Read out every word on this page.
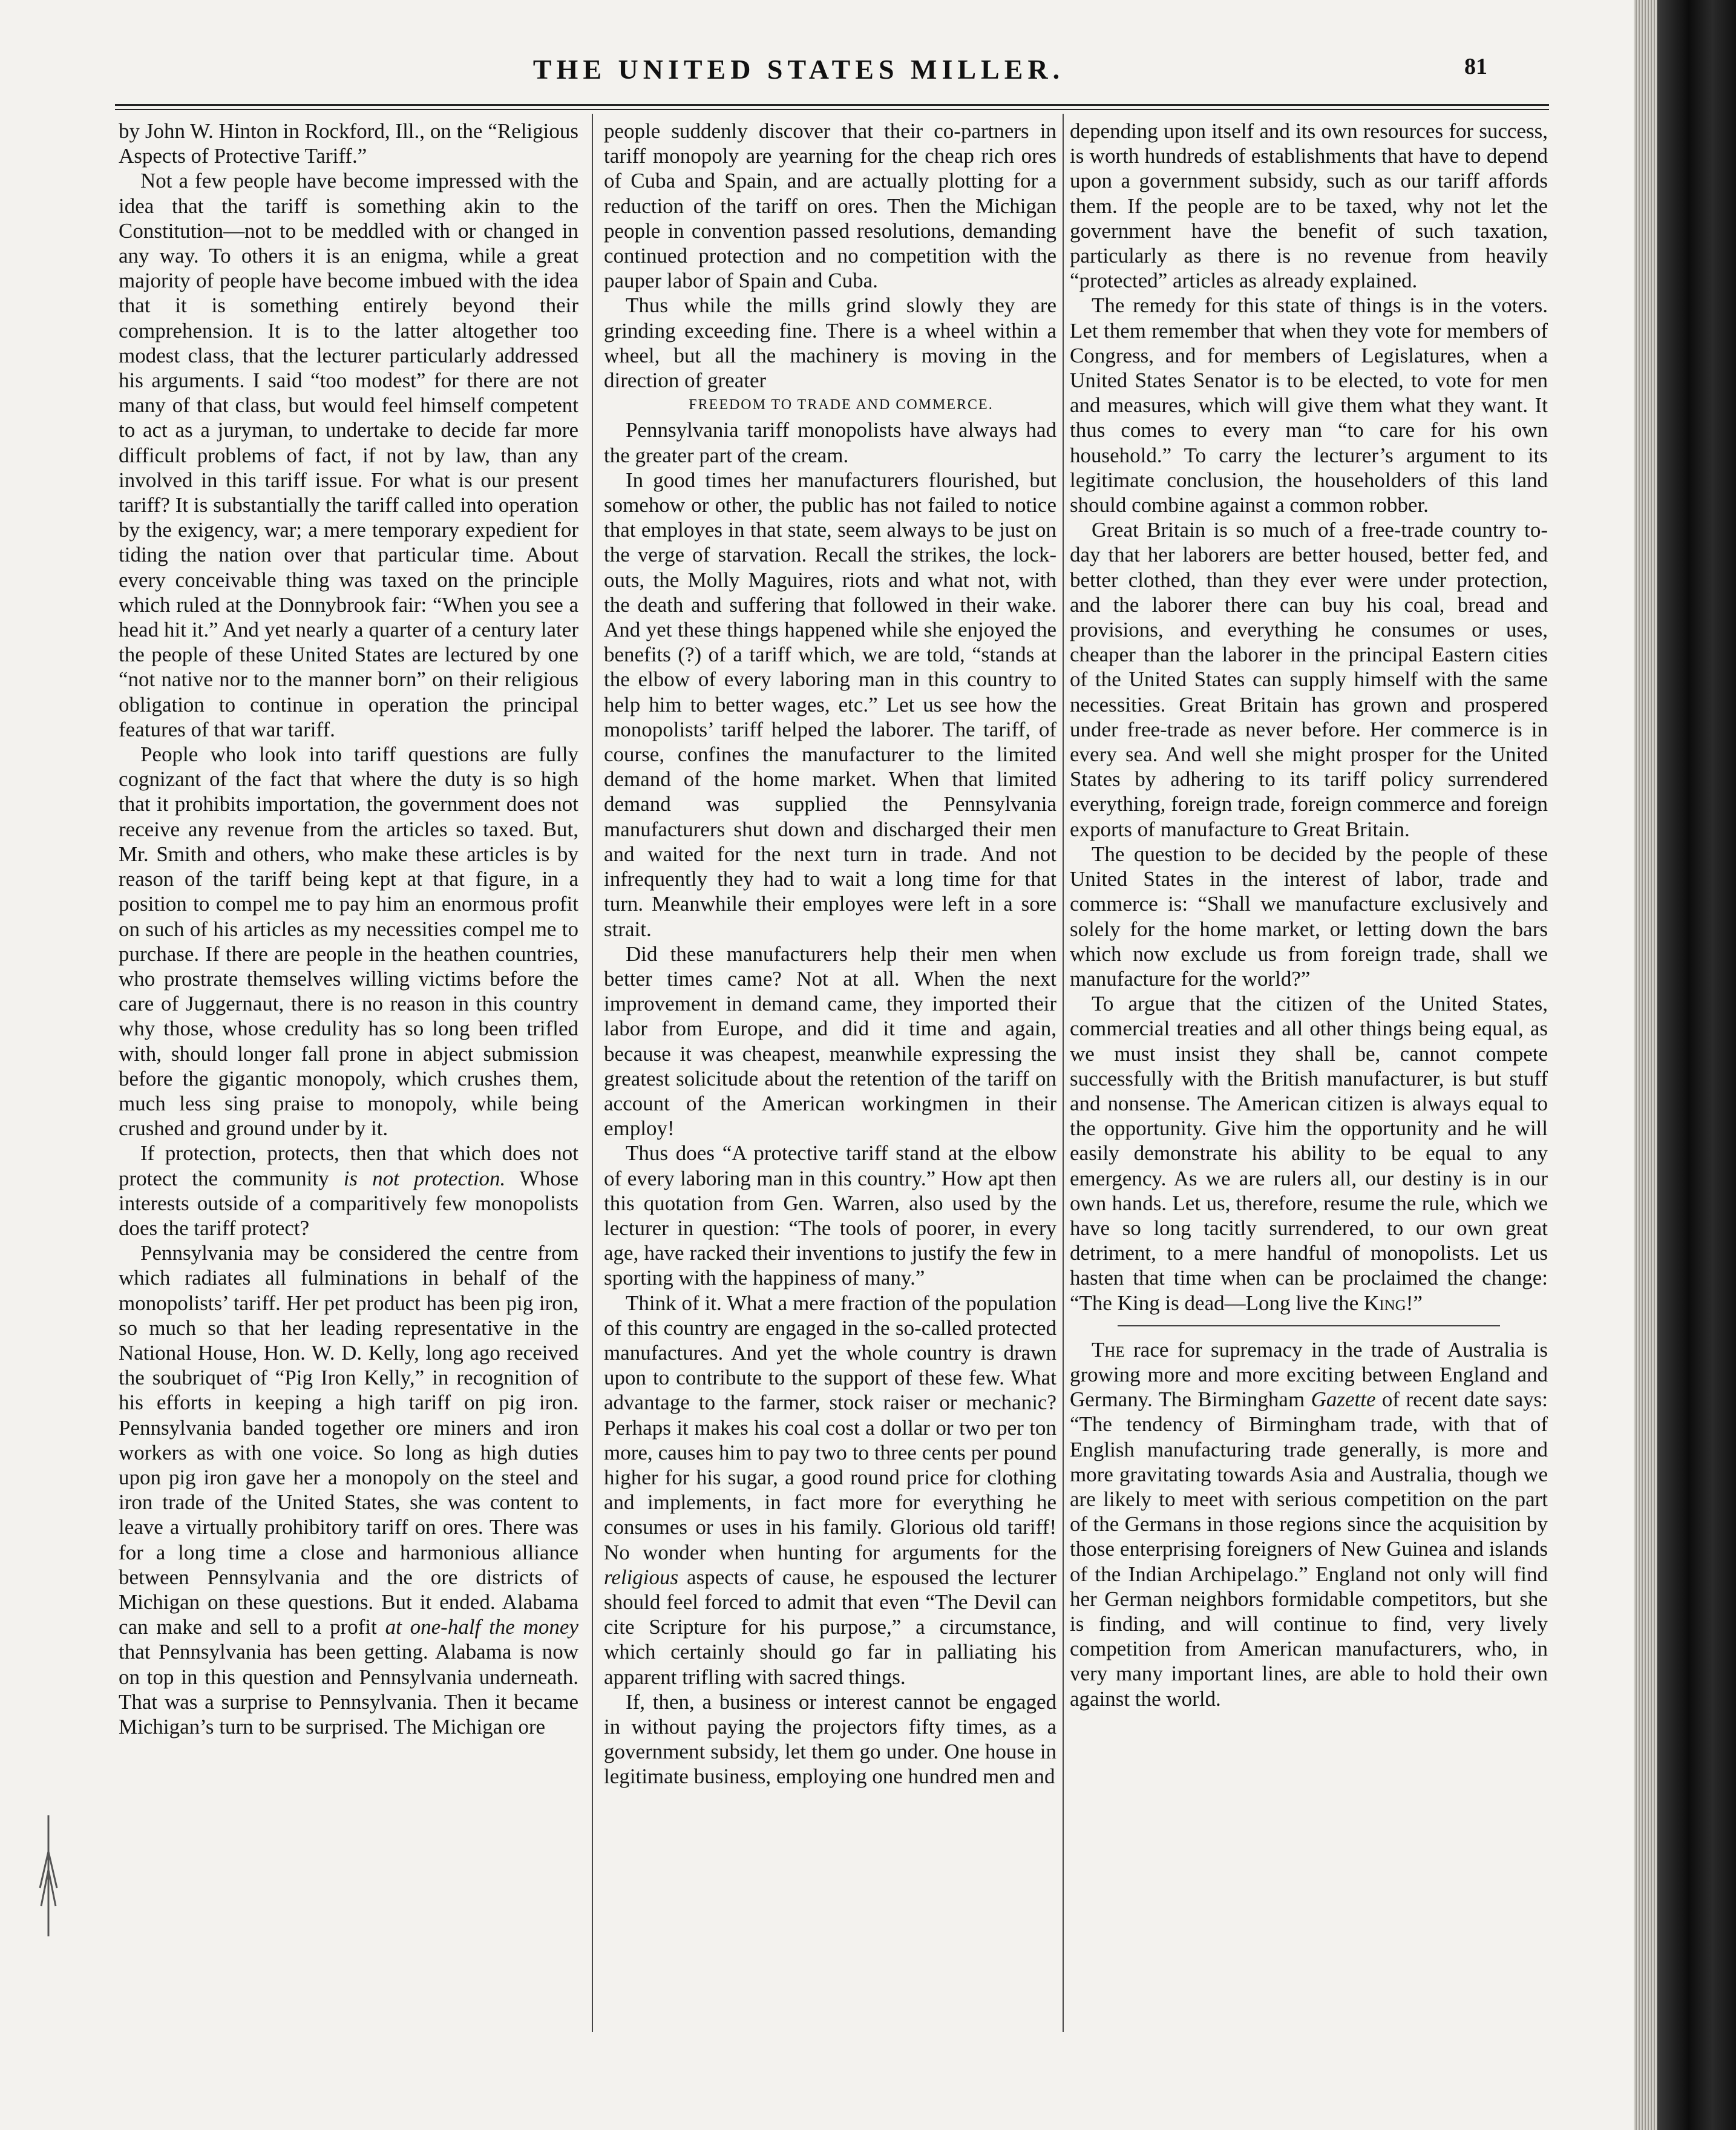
THE UNITED STATES MILLER.	81

by John W. Hinton in Rockford, Ill., on the “Religious Aspects of Protective Tariff.”

Not a few people have become impressed with the idea that the tariff is something akin to the Constitution—not to be meddled with or changed in any way. To others it is an enigma, while a great majority of people have become imbued with the idea that it is something entirely beyond their comprehension. It is to the latter altogether too modest class, that the lecturer particularly addressed his arguments. I said “too modest” for there are not many of that class, but would feel himself competent to act as a juryman, to undertake to decide far more difficult problems of fact, if not by law, than any involved in this tariff issue. For what is our present tariff? It is substantially the tariff called into operation by the exigency, war; a mere temporary expedient for tiding the nation over that particular time. About every conceivable thing was taxed on the principle which ruled at the Donnybrook fair: “When you see a head hit it.” And yet nearly a quarter of a century later the people of these United States are lectured by one “not native nor to the manner born” on their religious obligation to continue in operation the principal features of that war tariff.

People who look into tariff questions are fully cognizant of the fact that where the duty is so high that it prohibits importation, the government does not receive any revenue from the articles so taxed. But, Mr. Smith and others, who make these articles is by reason of the tariff being kept at that figure, in a position to compel me to pay him an enormous profit on such of his articles as my necessities compel me to purchase. If there are people in the heathen countries, who prostrate themselves willing victims before the care of Juggernaut, there is no reason in this country why those, whose credulity has so long been trifled with, should longer fall prone in abject submission before the gigantic monopoly, which crushes them, much less sing praise to monopoly, while being crushed and ground under by it.

If protection, protects, then that which does not protect the community is not protection. Whose interests outside of a comparitively few monopolists does the tariff protect?

Pennsylvania may be considered the centre from which radiates all fulminations in behalf of the monopolists’ tariff. Her pet product has been pig iron, so much so that her leading representative in the National House, Hon. W. D. Kelly, long ago received the soubriquet of “Pig Iron Kelly,” in recognition of his efforts in keeping a high tariff on pig iron. Pennsylvania banded together ore miners and iron workers as with one voice. So long as high duties upon pig iron gave her a monopoly on the steel and iron trade of the United States, she was content to leave a virtually prohibitory tariff on ores. There was for a long time a close and harmonious alliance between Pennsylvania and the ore districts of Michigan on these questions. But it ended. Alabama can make and sell to a profit at one-half the money that Pennsylvania has been getting. Alabama is now on top in this question and Pennsylvania underneath. That was a surprise to Pennsylvania. Then it became Michigan’s turn to be surprised. The Michigan ore

people suddenly discover that their co-partners in tariff monopoly are yearning for the cheap rich ores of Cuba and Spain, and are actually plotting for a reduction of the tariff on ores. Then the Michigan people in convention passed resolutions, demanding continued protection and no competition with the pauper labor of Spain and Cuba.

Thus while the mills grind slowly they are grinding exceeding fine. There is a wheel within a wheel, but all the machinery is moving in the direction of greater

FREEDOM TO TRADE AND COMMERCE.

Pennsylvania tariff monopolists have always had the greater part of the cream.

In good times her manufacturers flourished, but somehow or other, the public has not failed to notice that employes in that state, seem always to be just on the verge of starvation. Recall the strikes, the lock-outs, the Molly Maguires, riots and what not, with the death and suffering that followed in their wake. And yet these things happened while she enjoyed the benefits (?) of a tariff which, we are told, “stands at the elbow of every laboring man in this country to help him to better wages, etc.” Let us see how the monopolists’ tariff helped the laborer. The tariff, of course, confines the manufacturer to the limited demand of the home market. When that limited demand was supplied the Pennsylvania manufacturers shut down and discharged their men and waited for the next turn in trade. And not infrequently they had to wait a long time for that turn. Meanwhile their employes were left in a sore strait.

Did these manufacturers help their men when better times came? Not at all. When the next improvement in demand came, they imported their labor from Europe, and did it time and again, because it was cheapest, meanwhile expressing the greatest solicitude about the retention of the tariff on account of the American workingmen in their employ!

Thus does “A protective tariff stand at the elbow of every laboring man in this country.” How apt then this quotation from Gen. Warren, also used by the lecturer in question: “The tools of poorer, in every age, have racked their inventions to justify the few in sporting with the happiness of many.”

Think of it. What a mere fraction of the population of this country are engaged in the so-called protected manufactures. And yet the whole country is drawn upon to contribute to the support of these few. What advantage to the farmer, stock raiser or mechanic? Perhaps it makes his coal cost a dollar or two per ton more, causes him to pay two to three cents per pound higher for his sugar, a good round price for clothing and implements, in fact more for everything he consumes or uses in his family. Glorious old tariff! No wonder when hunting for arguments for the religious aspects of cause, he espoused the lecturer should feel forced to admit that even “The Devil can cite Scripture for his purpose,” a circumstance, which certainly should go far in palliating his apparent trifling with sacred things.

If, then, a business or interest cannot be engaged in without paying the projectors fifty times, as a government subsidy, let them go under. One house in legitimate business, employing one hundred men and

depending upon itself and its own resources for success, is worth hundreds of establishments that have to depend upon a government subsidy, such as our tariff affords them. If the people are to be taxed, why not let the government have the benefit of such taxation, particularly as there is no revenue from heavily “protected” articles as already explained.

The remedy for this state of things is in the voters. Let them remember that when they vote for members of Congress, and for members of Legislatures, when a United States Senator is to be elected, to vote for men and measures, which will give them what they want. It thus comes to every man “to care for his own household.” To carry the lecturer’s argument to its legitimate conclusion, the householders of this land should combine against a common robber.

Great Britain is so much of a free-trade country to-day that her laborers are better housed, better fed, and better clothed, than they ever were under protection, and the laborer there can buy his coal, bread and provisions, and everything he consumes or uses, cheaper than the laborer in the principal Eastern cities of the United States can supply himself with the same necessities. Great Britain has grown and prospered under free-trade as never before. Her commerce is in every sea. And well she might prosper for the United States by adhering to its tariff policy surrendered everything, foreign trade, foreign commerce and foreign exports of manufacture to Great Britain.

The question to be decided by the people of these United States in the interest of labor, trade and commerce is: “Shall we manufacture exclusively and solely for the home market, or letting down the bars which now exclude us from foreign trade, shall we manufacture for the world?”

To argue that the citizen of the United States, commercial treaties and all other things being equal, as we must insist they shall be, cannot compete successfully with the British manufacturer, is but stuff and nonsense. The American citizen is always equal to the opportunity. Give him the opportunity and he will easily demonstrate his ability to be equal to any emergency. As we are rulers all, our destiny is in our own hands. Let us, therefore, resume the rule, which we have so long tacitly surrendered, to our own great detriment, to a mere handful of monopolists. Let us hasten that time when can be proclaimed the change: “The King is dead—Long live the King!”

The race for supremacy in the trade of Australia is growing more and more exciting between England and Germany. The Birmingham Gazette of recent date says: “The tendency of Birmingham trade, with that of English manufacturing trade generally, is more and more gravitating towards Asia and Australia, though we are likely to meet with serious competition on the part of the Germans in those regions since the acquisition by those enterprising foreigners of New Guinea and islands of the Indian Archipelago.” England not only will find her German neighbors formidable competitors, but she is finding, and will continue to find, very lively competition from American manufacturers, who, in very many important lines, are able to hold their own against the world.
